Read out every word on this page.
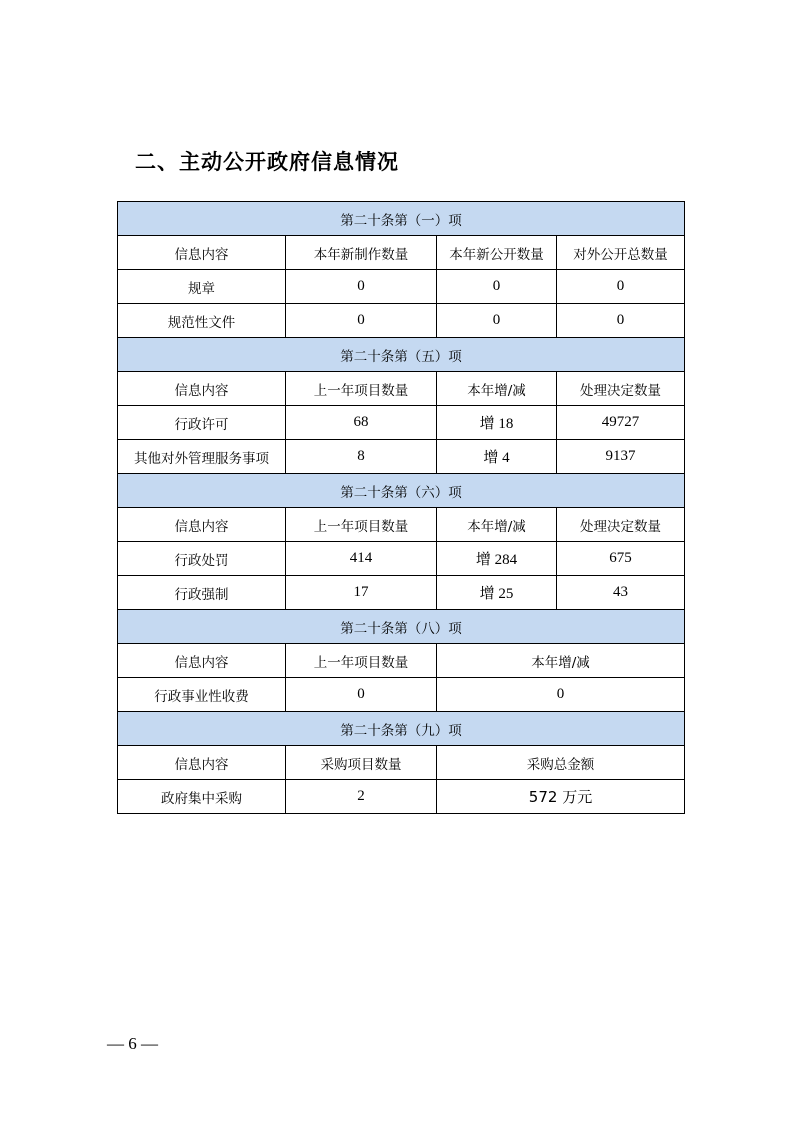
二、主动公开政府信息情况
第二十条第（一）项			
信息内容	本年新制作数量	本年新公开数量	对外公开总数量
规章	0	0	0
规范性文件	0	0	0
第二十条第（五）项			
信息内容	上一年项目数量	本年增/减	处理决定数量
行政许可	68	增 18	49727
其他对外管理服务事项	8	增 4	9137
第二十条第（六）项			
信息内容	上一年项目数量	本年增/减	处理决定数量
行政处罚	414	增 284	675
行政强制	17	增 25	43
第二十条第（八）项			
信息内容	上一年项目数量	本年增/减	
行政事业性收费	0	0	
第二十条第（九）项			
信息内容	采购项目数量	采购总金额	
政府集中采购	2	572 万元	
— 6 —
